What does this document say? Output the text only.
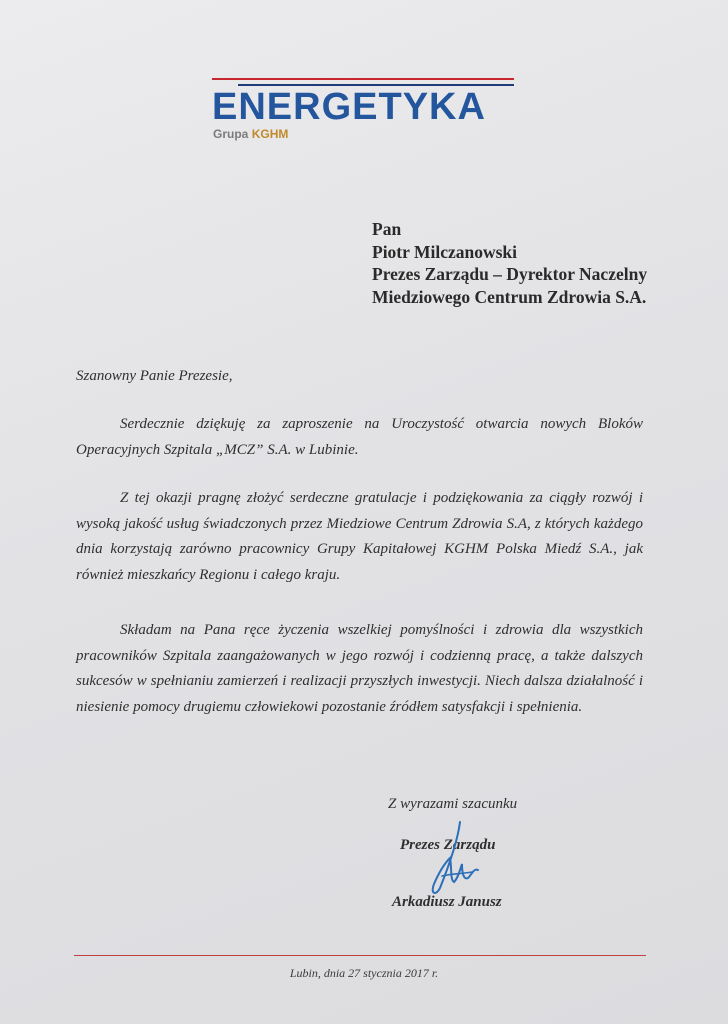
ENERGETYKA
Grupa KGHM
Pan
Piotr Milczanowski
Prezes Zarządu – Dyrektor Naczelny
Miedziowego Centrum Zdrowia S.A.
Szanowny Panie Prezesie,

Serdecznie dziękuję za zaproszenie na Uroczystość otwarcia nowych Bloków Operacyjnych Szpitala „MCZ” S.A. w Lubinie.

Z tej okazji pragnę złożyć serdeczne gratulacje i podziękowania za ciągły rozwój i wysoką jakość usług świadczonych przez Miedziowe Centrum Zdrowia S.A, z których każdego dnia korzystają zarówno pracownicy Grupy Kapitałowej KGHM Polska Miedź S.A., jak również mieszkańcy Regionu i całego kraju.

Składam na Pana ręce życzenia wszelkiej pomyślności i zdrowia dla wszystkich pracowników Szpitala zaangażowanych w jego rozwój i codzienną pracę, a także dalszych sukcesów w spełnianiu zamierzeń i realizacji przyszłych inwestycji. Niech dalsza działalność i niesienie pomocy drugiemu człowiekowi pozostanie źródłem satysfakcji i spełnienia.

Z wyrazami szacunku
Prezes Zarządu
Arkadiusz Janusz
Lubin, dnia 27 stycznia 2017 r.
